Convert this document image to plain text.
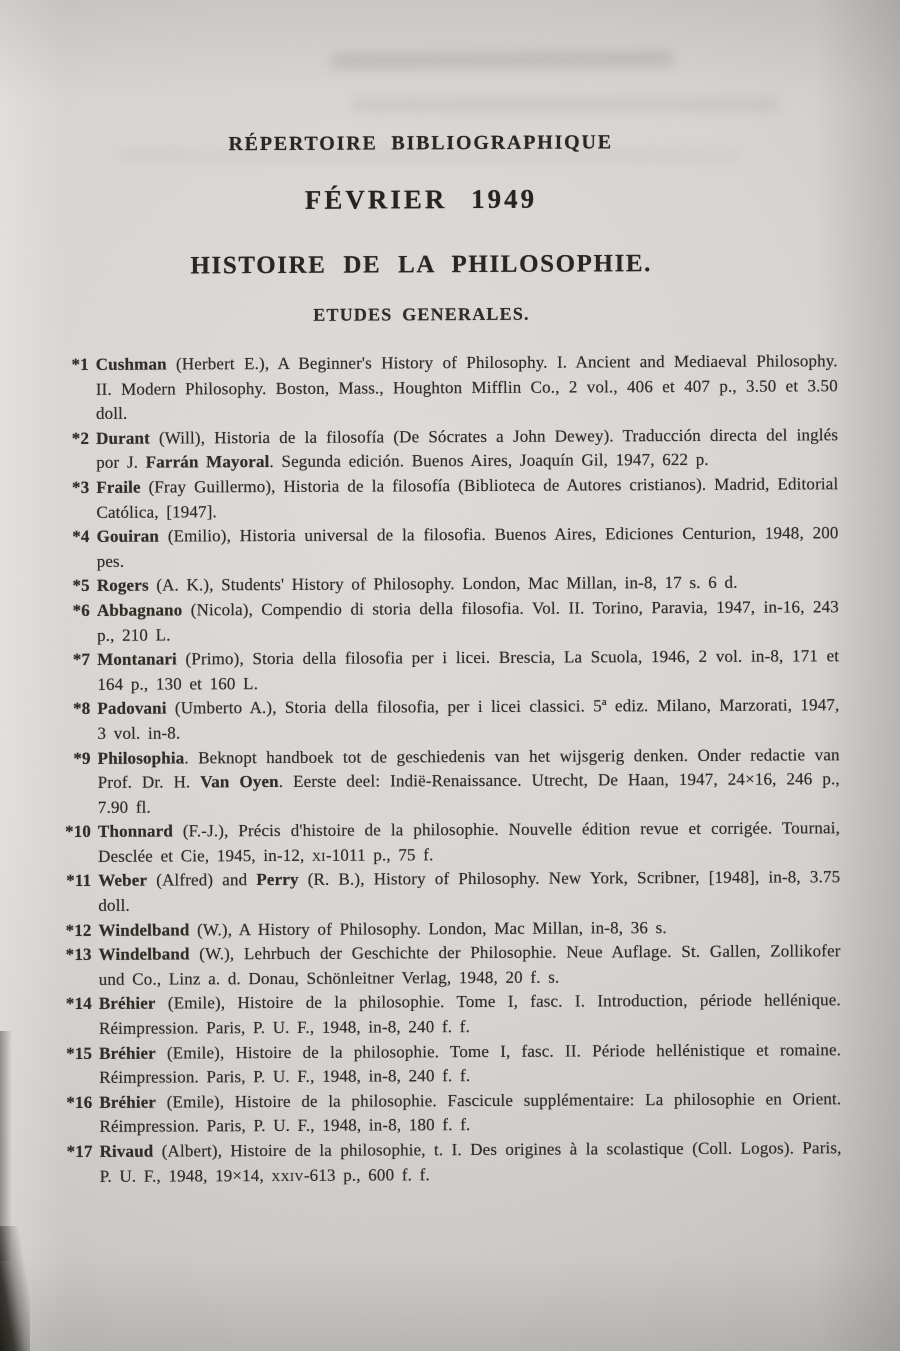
RÉPERTOIRE BIBLIOGRAPHIQUE
FÉVRIER 1949
HISTOIRE DE LA PHILOSOPHIE.
ETUDES GENERALES.
*1 Cushman (Herbert E.), A Beginner's History of Philosophy. I. Ancient and Mediaeval Philosophy. II. Modern Philosophy. Boston, Mass., Houghton Mifflin Co., 2 vol., 406 et 407 p., 3.50 et 3.50 doll.
*2 Durant (Will), Historia de la filosofía (De Sócrates a John Dewey). Traducción directa del inglés por J. Farrán Mayoral. Segunda edición. Buenos Aires, Joaquín Gil, 1947, 622 p.
*3 Fraile (Fray Guillermo), Historia de la filosofía (Biblioteca de Autores cristianos). Madrid, Editorial Católica, [1947].
*4 Gouiran (Emilio), Historia universal de la filosofia. Buenos Aires, Ediciones Centurion, 1948, 200 pes.
*5 Rogers (A. K.), Students' History of Philosophy. London, Mac Millan, in-8, 17 s. 6 d.
*6 Abbagnano (Nicola), Compendio di storia della filosofia. Vol. II. Torino, Paravia, 1947, in-16, 243 p., 210 L.
*7 Montanari (Primo), Storia della filosofia per i licei. Brescia, La Scuola, 1946, 2 vol. in-8, 171 et 164 p., 130 et 160 L.
*8 Padovani (Umberto A.), Storia della filosofia, per i licei classici. 5ª ediz. Milano, Marzorati, 1947, 3 vol. in-8.
*9 Philosophia. Beknopt handboek tot de geschiedenis van het wijsgerig denken. Onder redactie van Prof. Dr. H. Van Oyen. Eerste deel: Indië-Renaissance. Utrecht, De Haan, 1947, 24×16, 246 p., 7.90 fl.
*10 Thonnard (F.-J.), Précis d'histoire de la philosophie. Nouvelle édition revue et corrigée. Tournai, Desclée et Cie, 1945, in-12, xi-1011 p., 75 f.
*11 Weber (Alfred) and Perry (R. B.), History of Philosophy. New York, Scribner, [1948], in-8, 3.75 doll.
*12 Windelband (W.), A History of Philosophy. London, Mac Millan, in-8, 36 s.
*13 Windelband (W.), Lehrbuch der Geschichte der Philosophie. Neue Auflage. St. Gallen, Zollikofer und Co., Linz a. d. Donau, Schönleitner Verlag, 1948, 20 f. s.
*14 Bréhier (Emile), Histoire de la philosophie. Tome I, fasc. I. Introduction, période hellénique. Réimpression. Paris, P. U. F., 1948, in-8, 240 f. f.
*15 Bréhier (Emile), Histoire de la philosophie. Tome I, fasc. II. Période hellénistique et romaine. Réimpression. Paris, P. U. F., 1948, in-8, 240 f. f.
*16 Bréhier (Emile), Histoire de la philosophie. Fascicule supplémentaire: La philosophie en Orient. Réimpression. Paris, P. U. F., 1948, in-8, 180 f. f.
*17 Rivaud (Albert), Histoire de la philosophie, t. I. Des origines à la scolastique (Coll. Logos). Paris, P. U. F., 1948, 19×14, xxiv-613 p., 600 f. f.
